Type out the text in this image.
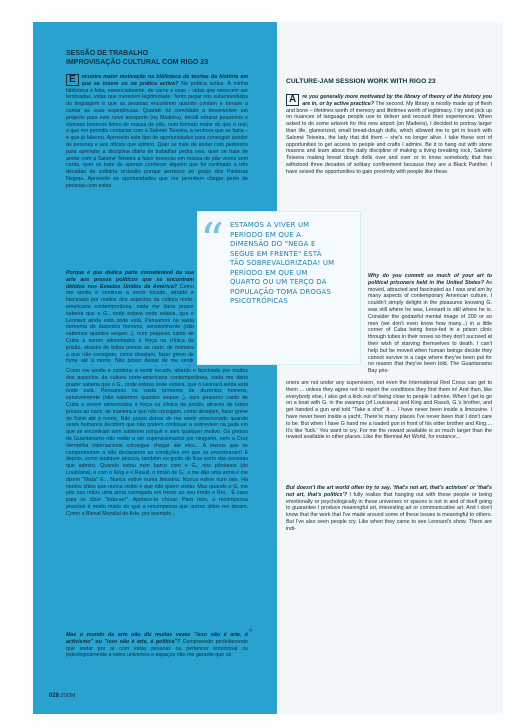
SESSÃO DE TRABALHO
IMPROVISAÇÃO CULTURAL COM RIGO 23
CULTURE-JAM SESSION WORK WITH RIGO 23
E	ncontra maior motivação na biblioteca de teorias da história em que se insere ou na prática activa? Na prática activa. A minha biblioteca é feita, essencialmente, de carne e osso – vidas que merecem ser lembradas, vidas que merecem legitimidade. Tento pegar nos subentendidos da linguagem e que as pessoas encontrem quando contam e tornam a contar as suas experiências. Quando fui convidado a desenvolver um projecto para este novo aeroporto (na Madeira), decidi retratar pequenos e vistosos bonecos feitos de massa de pão, num formato maior do que o real, o que me permitiu contactar com a Salomé Teixeira, a senhora que as fazia – e que já faleceu. Aproveito este tipo de oportunidades para conseguir aceder às pessoas e aos ofícios que admiro. Quer se trate de andar com pedreiros para aprender a disciplina diária de trabalhar pedra viva, quer se trate de andar com a Salomé Teixeira a fazer bonecas em massa de pão vezes sem conta, quer se trate de apenas conhecer alguém que foi confinado a três décadas de solitária reclusão porque pertence ao grupo dos Panteras Negras. Aproveito as oportunidades que me permitem chegar perto de pessoas com estas
Porque é que dedica parte considerável da sua arte aos presos políticos que se encontram detidos nos Estados Unidos da América? Como me sentiu e continuo a sentir tocado, atraído e fascinado por muitos dos aspectos da cultura norte-americana contemporânea, nada me daria prazer saberia que o G., onde estava onde estava, que o Leonard ainda está onde está. Pensamos na vasta tormenta de duzentos homens, sensivelmente (não sabemos quantos sequer...), num pequeno canto de Cuba a serem alimentados à força na clínica da prisão, através de tubos presos ao nariz, de maneira a que não consigam, como desejam, fazer greve de fome até à morte. Não posso deixar de me sentir
Como me sentiu e continuo a sentir tocado, atraído e fascinado por muitos dos aspectos da cultura norte-americana contemporânea, nada me daria prazer saberia que o G., onde estava onde estava, que o Leonard ainda está onde está. Pensamos na vasta tormenta de duzentos homens, sensivelmente (não sabemos quantos sequer...), num pequeno canto de Cuba a serem alimentados à força na clínica da prisão, através de tubos presos ao nariz, de maneira a que não consigam, como desejam, fazer greve de fome até à morte. Não posso deixar de me sentir emocionado quando seres humanos decidem que não podem continuar a sobreviver na jaula em que se encontram sem saberem porquê e sem qualquer motivo. Os presos de Guantanamo não estão a ser supervisionados por ninguém, nem a Cruz Vermelha Internacional consegue chegar até eles... A menos que se comprometam a não declararem as condições em que se encontraram! E depois, como qualquer pessoa, também eu gosto de ficar perto das pessoas que admiro. Quando estou num barco com o G., nos pântanos (do Louisiana), e com o King e o Rasuli, o irmão de G., e me dão uma arma e me dizem "Mata" E... Nunca estive numa limusina. Nunca estive num iate. Há muitos sítios que nunca visitei e que não quero visitar. Mas quando o G. me pôs nas mãos uma arma carregada em frente ao seu irmão e Rei... É caso para se dizer "foda-se!". Apetece-te chorar. Para mim, a recompensa possível é muito maior do que a recompensa que outros sítios me deram. Como a Bienal Mundial de Arte, por exemplo...
Mas o mundo da arte não diz muitas vezes "isso não é arte, é activismo" ou "isso não é arte, é política"? Compreendo perfeitamente que andar por aí com estas pessoas ou pertencer emocional ou psicologicamente a estes universos e espaços não me garante que vá
A	re you generally more motivated by the library of theory of the history you are in, or by active practice? The second. My library is mostly made up of flesh and bone – lifetimes worth of memory and lifetimes worth of legitimacy. I try and pick up on nuances of language people use to deliver and recount their experiences. When asked to do some artwork for this new airport (on Madeira), I decided to portray larger than life, glamorized, small bread-dough dolls, which allowed me to get in touch with Salomé Teixeira, the lady that did them – she's no longer alive. I take these sort of opportunities to get access to people and crafts I admire. Be it to hang out with stone masons and learn about the daily discipline of making a living breaking rock, Salomé Teixeira making bread dough dolls over and over or to know somebody that has withstood three decades of solitary confinement because they are a Black Panther. I have seized the opportunities to gain proximity with people like these.
Why do you commit so much of your art to political prisoners held in the United States? As moved, attracted and fascinated as I was and am by many aspects of contemporary American culture, I couldn't simply delight in the pleasures knowing G. was still where he was, Leonard is still where he is. Consider the godawful mental image of 200 or so men (we don't even know how many...) in a little corner of Cuba being force-fed in a prison clinic through tubes in their noses so they don't succeed at their wish of starving themselves to death. I can't help but be moved when human beings decide they cannot survive in a cage where they've been put for no reason that they've been told. The Guantanamo Bay pris-
oners are not under any supervision, not even the International Red Cross can get to them ... unless they agree not to report the conditions they find them in! And then, like everybody else, I also get a kick out of being close to people I admire. When I get to go on a boat with G. in the swamps (of Louisiana) and King and Rasuli, G.'s brother, and get handed a gun and told "Take a shot" It ... I have never been inside a limousine. I have never been inside a yacht. There're many places I've never been that I don't care to be. But when I have G hand me a loaded gun in front of his older brother and King.... It's like 'fuck.' You want to cry. For me the reward available is so much larger than the reward available in other places. Like the Biennial Art World, for instance...
But doesn't the art world often try to say, 'that's not art, that's activism' or 'that's not art, that's politics'? I fully realize that hanging out with these people or being emotionally or psychologically in these universes or spaces is not in and of itself going to guarantee I produce meaningful art, interesting art or communicative art. And I don't know that the work that I've made around some of these issues is meaningful to others. But I've also seen people cry. Like when they came to see Leonard's show. There are indi-
“ ESTAMOS A VIVER UM PERÍODO EM QUE A DIMENSÃO DO "NEGA E SEGUE EM FRENTE" ESTÁ TÃO SOBREVALORIZADA! UM PERÍODO EM QUE UM QUARTO OU UM TERÇO DA POPULAÇÃO TOMA DROGAS PSICOTRÓPICAS
❖
028 ZOOM
